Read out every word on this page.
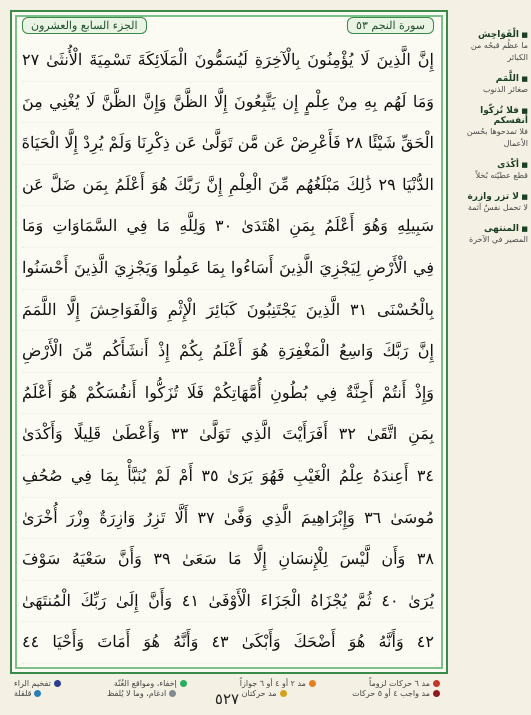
سورة النجم ٥٣
الجزء السابع والعشرون
إِنَّ الَّذِينَ لَا يُؤْمِنُونَ بِالْآخِرَةِ لَيُسَمُّونَ الْمَلَائِكَةَ تَسْمِيَةَ الْأُنثَىٰ ٢٧
وَمَا لَهُم بِهِ مِنْ عِلْمٍ إِن يَتَّبِعُونَ إِلَّا الظَّنَّ وَإِنَّ الظَّنَّ لَا يُغْنِي مِنَ
الْحَقِّ شَيْئًا ٢٨ فَأَعْرِضْ عَن مَّن تَوَلَّىٰ عَن ذِكْرِنَا وَلَمْ يُرِدْ إِلَّا الْحَيَاةَ
الدُّنْيَا ٢٩ ذَٰلِكَ مَبْلَغُهُم مِّنَ الْعِلْمِ إِنَّ رَبَّكَ هُوَ أَعْلَمُ بِمَن ضَلَّ عَن
سَبِيلِهِ وَهُوَ أَعْلَمُ بِمَنِ اهْتَدَىٰ ٣٠ وَلِلَّهِ مَا فِي السَّمَاوَاتِ وَمَا
فِي الْأَرْضِ لِيَجْزِيَ الَّذِينَ أَسَاءُوا بِمَا عَمِلُوا وَيَجْزِيَ الَّذِينَ أَحْسَنُوا
بِالْحُسْنَى ٣١ الَّذِينَ يَجْتَنِبُونَ كَبَائِرَ الْإِثْمِ وَالْفَوَاحِشَ إِلَّا اللَّمَمَ
إِنَّ رَبَّكَ وَاسِعُ الْمَغْفِرَةِ هُوَ أَعْلَمُ بِكُمْ إِذْ أَنشَأَكُم مِّنَ الْأَرْضِ
وَإِذْ أَنتُمْ أَجِنَّةٌ فِي بُطُونِ أُمَّهَاتِكُمْ فَلَا تُزَكُّوا أَنفُسَكُمْ هُوَ أَعْلَمُ
بِمَنِ اتَّقَىٰ ٣٢ أَفَرَأَيْتَ الَّذِي تَوَلَّىٰ ٣٣ وَأَعْطَىٰ قَلِيلًا وَأَكْدَىٰ
٣٤ أَعِندَهُ عِلْمُ الْغَيْبِ فَهُوَ يَرَىٰ ٣٥ أَمْ لَمْ يُنَبَّأْ بِمَا فِي صُحُفِ
مُوسَىٰ ٣٦ وَإِبْرَاهِيمَ الَّذِي وَفَّىٰ ٣٧ أَلَّا تَزِرُ وَازِرَةٌ وِزْرَ أُخْرَىٰ
٣٨ وَأَن لَّيْسَ لِلْإِنسَانِ إِلَّا مَا سَعَىٰ ٣٩ وَأَنَّ سَعْيَهُ سَوْفَ
يُرَىٰ ٤٠ ثُمَّ يُجْزَاهُ الْجَزَاءَ الْأَوْفَىٰ ٤١ وَأَنَّ إِلَىٰ رَبِّكَ الْمُنتَهَىٰ
٤٢ وَأَنَّهُ هُوَ أَضْحَكَ وَأَبْكَىٰ ٤٣ وَأَنَّهُ هُوَ أَمَاتَ وَأَحْيَا ٤٤
■ الْفَوَاحِش
ما عظُم قبحُه من الكبائر
■ اللَّمَم
صغائر الذنوب
■ فلا تُزكّوا أنفسكم
فلا تمدحوها بحُسن الأعمال
■ أكْدَى
قطع عطيّته بُخلاً
■ لا تزر وازرة
لا تحمل نفسٌ آثمة
■ المنتهى
المصير في الآخرة
مد ٦ حركات لزوماً
مد ٢ أو ٤ أو ٦ جوازاً
إخفاء، ومواقع الغُنّة
تفخيم الراء
مد واجب ٤ أو ٥ حركات
مد حركتان
ادغام، وما لا يُلفظ
قلقلة	٥٢٧
